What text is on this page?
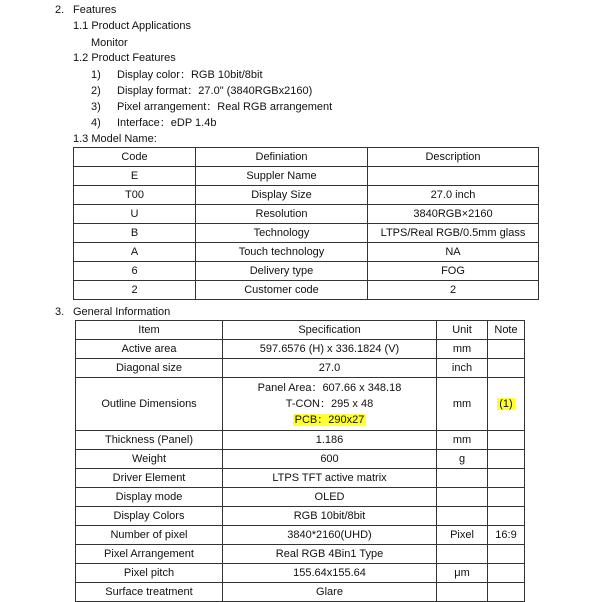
2. Features
1.1 Product Applications
Monitor
1.2 Product Features
1) Display color：RGB 10bit/8bit
2) Display format：27.0" (3840RGBx2160)
3) Pixel arrangement：Real RGB arrangement
4) Interface：eDP 1.4b
1.3 Model Name:
Code	Definiation	Description
E	Suppler Name	
T00	Display Size	27.0 inch
U	Resolution	3840RGB×2160
B	Technology	LTPS/Real RGB/0.5mm glass
A	Touch technology	NA
6	Delivery type	FOG
2	Customer code	2
3. General Information
Item	Specification	Unit	Note
Active area	597.6576 (H) x 336.1824 (V)	mm	
Diagonal size	27.0	inch	
Outline Dimensions	Panel Area：607.66 x 348.18
T-CON：295 x 48
PCB：290x27	mm	(1)
Thickness (Panel)	1.186	mm	
Weight	600	g	
Driver Element	LTPS TFT active matrix		
Display mode	OLED		
Display Colors	RGB 10bit/8bit		
Number of pixel	3840*2160(UHD)	Pixel	16:9
Pixel Arrangement	Real RGB 4Bin1 Type		
Pixel pitch	155.64x155.64	μm	
Surface treatment	Glare		
